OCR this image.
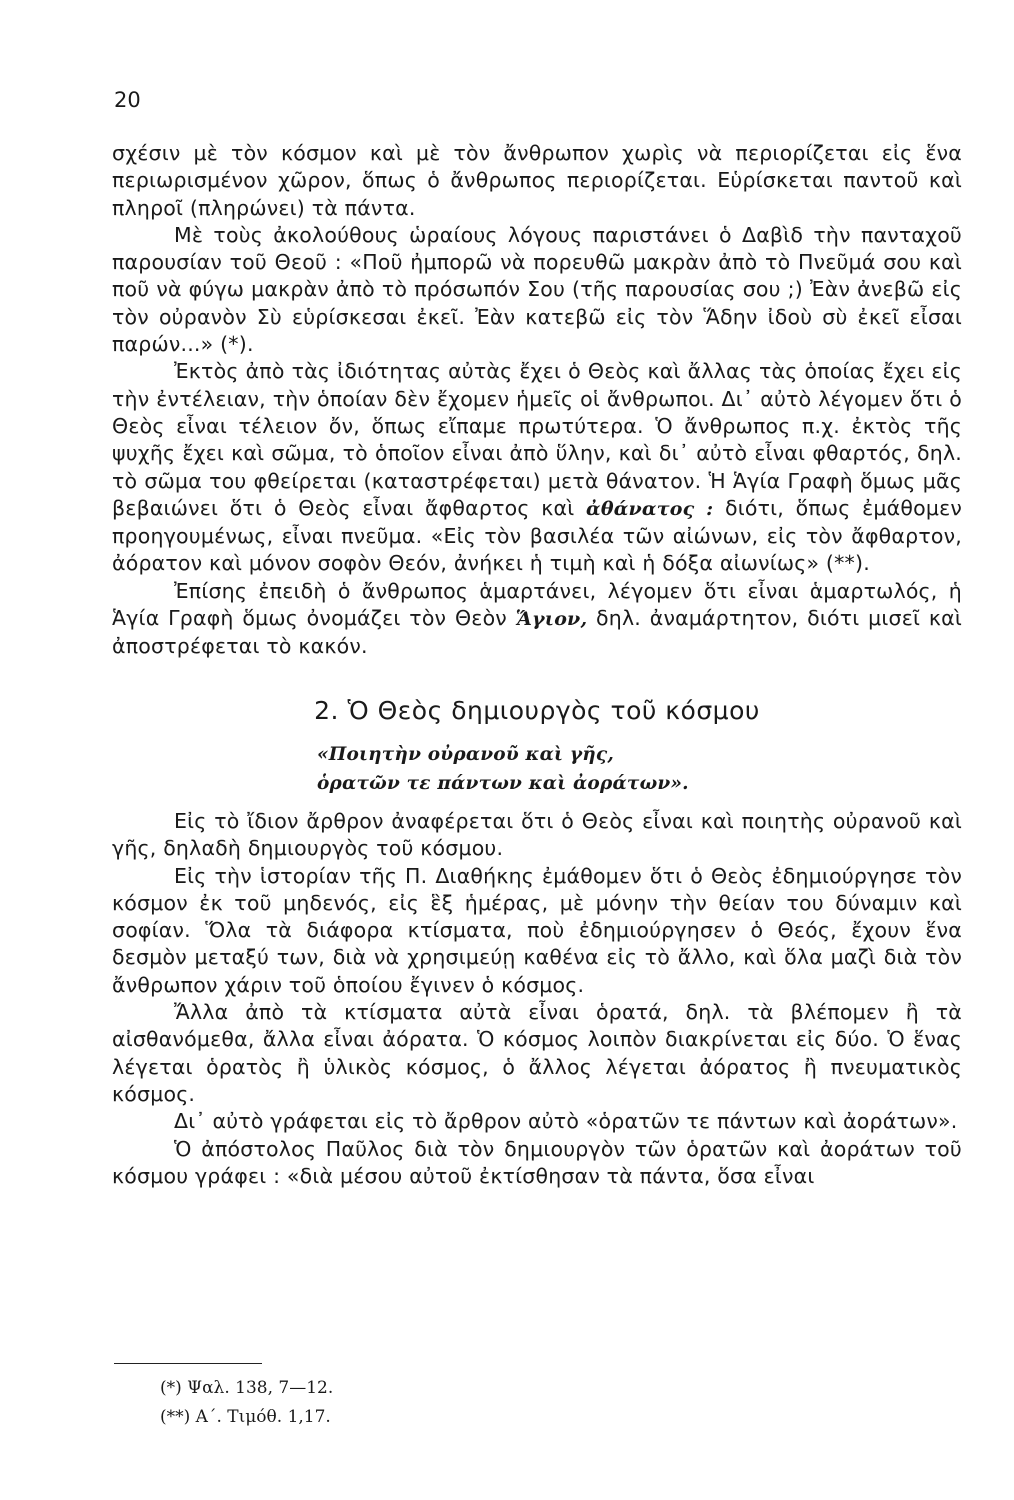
20

σχέσιν μὲ τὸν κόσμον καὶ μὲ τὸν ἄνθρωπον χωρὶς νὰ περιορίζεται εἰς ἕνα περιωρισμένον χῶρον, ὅπως ὁ ἄνθρωπος περιορίζεται. Εὑρίσκεται παντοῦ καὶ πληροῖ (πληρώνει) τὰ πάντα.

Μὲ τοὺς ἀκολούθους ὡραίους λόγους παριστάνει ὁ Δαβὶδ τὴν πανταχοῦ παρουσίαν τοῦ Θεοῦ : «Ποῦ ἠμπορῶ νὰ πορευθῶ μακρὰν ἀπὸ τὸ Πνεῦμά σου καὶ ποῦ νὰ φύγω μακρὰν ἀπὸ τὸ πρόσωπόν Σου (τῆς παρουσίας σου ;) Ἐὰν ἀνεβῶ εἰς τὸν οὐρανὸν Σὺ εὑρίσκεσαι ἐκεῖ. Ἐὰν κατεβῶ εἰς τὸν Ἅδην ἰδοὺ σὺ ἐκεῖ εἶσαι παρών...» (*).

Ἐκτὸς ἀπὸ τὰς ἰδιότητας αὐτὰς ἔχει ὁ Θεὸς καὶ ἄλλας τὰς ὁποίας ἔχει εἰς τὴν ἐντέλειαν, τὴν ὁποίαν δὲν ἔχομεν ἡμεῖς οἱ ἄνθρωποι. Δι᾽ αὐτὸ λέγομεν ὅτι ὁ Θεὸς εἶναι τέλειον ὄν, ὅπως εἴπαμε πρωτύτερα. Ὁ ἄνθρωπος π.χ. ἐκτὸς τῆς ψυχῆς ἔχει καὶ σῶμα, τὸ ὁποῖον εἶναι ἀπὸ ὕλην, καὶ δι᾽ αὐτὸ εἶναι φθαρτός, δηλ. τὸ σῶμα του φθείρεται (καταστρέφεται) μετὰ θάνατον. Ἡ Ἁγία Γραφὴ ὅμως μᾶς βεβαιώνει ὅτι ὁ Θεὸς εἶναι ἄφθαρτος καὶ ἀθάνατος : διότι, ὅπως ἐμάθομεν προηγουμένως, εἶναι πνεῦμα. «Εἰς τὸν βασιλέα τῶν αἰώνων, εἰς τὸν ἄφθαρτον, ἀόρατον καὶ μόνον σοφὸν Θεόν, ἀνήκει ἡ τιμὴ καὶ ἡ δόξα αἰωνίως» (**).

Ἐπίσης ἐπειδὴ ὁ ἄνθρωπος ἁμαρτάνει, λέγομεν ὅτι εἶναι ἁμαρτωλός, ἡ Ἁγία Γραφὴ ὅμως ὀνομάζει τὸν Θεὸν Ἅγιον, δηλ. ἀναμάρτητον, διότι μισεῖ καὶ ἀποστρέφεται τὸ κακόν.

2. Ὁ Θεὸς δημιουργὸς τοῦ κόσμου
«Ποιητὴν οὐρανοῦ καὶ γῆς,
ὁρατῶν τε πάντων καὶ ἀοράτων».

Εἰς τὸ ἴδιον ἄρθρον ἀναφέρεται ὅτι ὁ Θεὸς εἶναι καὶ ποιητὴς οὐρανοῦ καὶ γῆς, δηλαδὴ δημιουργὸς τοῦ κόσμου.

Εἰς τὴν ἱστορίαν τῆς Π. Διαθήκης ἐμάθομεν ὅτι ὁ Θεὸς ἐδημιούργησε τὸν κόσμον ἐκ τοῦ μηδενός, εἰς ἓξ ἡμέρας, μὲ μόνην τὴν θείαν του δύναμιν καὶ σοφίαν. Ὅλα τὰ διάφορα κτίσματα, ποὺ ἐδημιούργησεν ὁ Θεός, ἔχουν ἕνα δεσμὸν μεταξύ των, διὰ νὰ χρησιμεύῃ καθένα εἰς τὸ ἄλλο, καὶ ὅλα μαζὶ διὰ τὸν ἄνθρωπον χάριν τοῦ ὁποίου ἔγινεν ὁ κόσμος.

Ἄλλα ἀπὸ τὰ κτίσματα αὐτὰ εἶναι ὁρατά, δηλ. τὰ βλέπομεν ἢ τὰ αἰσθανόμεθα, ἄλλα εἶναι ἀόρατα. Ὁ κόσμος λοιπὸν διακρίνεται εἰς δύο. Ὁ ἕνας λέγεται ὁρατὸς ἢ ὑλικὸς κόσμος, ὁ ἄλλος λέγεται ἀόρατος ἢ πνευματικὸς κόσμος.

Δι᾽ αὐτὸ γράφεται εἰς τὸ ἄρθρον αὐτὸ «ὁρατῶν τε πάντων καὶ ἀοράτων».

Ὁ ἀπόστολος Παῦλος διὰ τὸν δημιουργὸν τῶν ὁρατῶν καὶ ἀοράτων τοῦ κόσμου γράφει : «διὰ μέσου αὐτοῦ ἐκτίσθησαν τὰ πάντα, ὅσα εἶναι

(*) Ψαλ. 138, 7—12.
(**) Α΄. Τιμόθ. 1,17.
